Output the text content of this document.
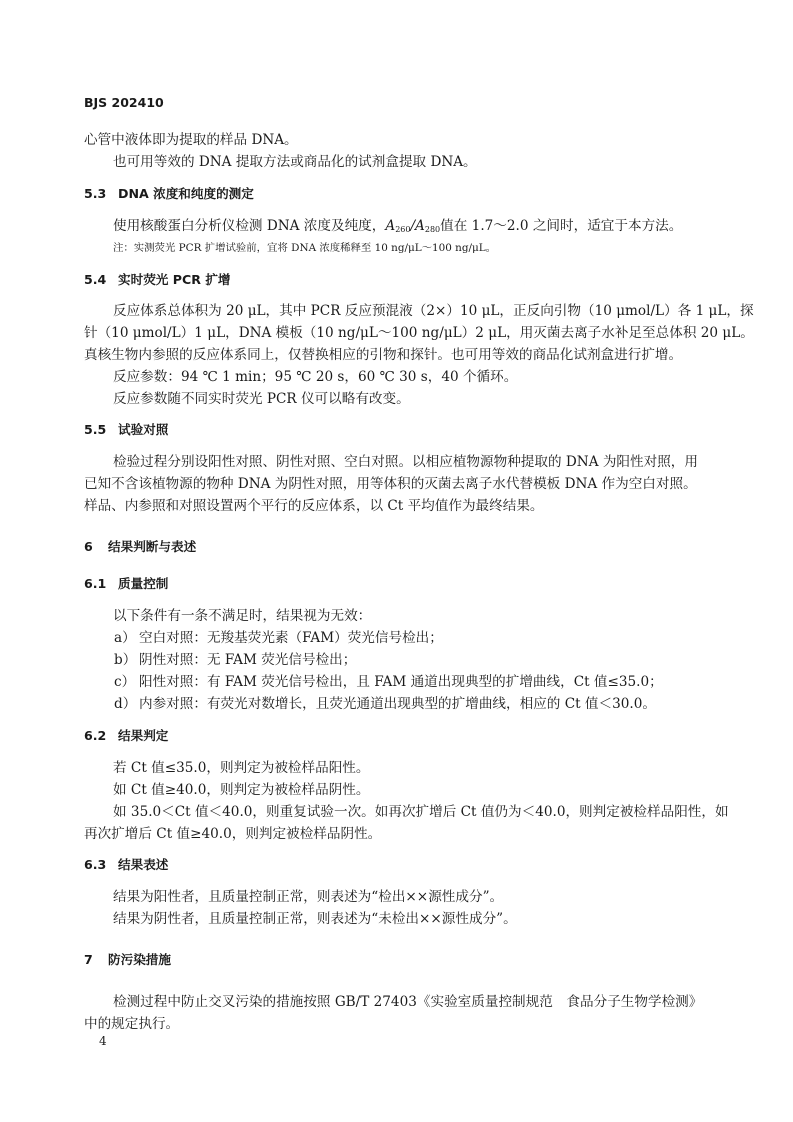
BJS 202410
心管中液体即为提取的样品 DNA。
也可用等效的 DNA 提取方法或商品化的试剂盒提取 DNA。
5.3 DNA 浓度和纯度的测定
使用核酸蛋白分析仪检测 DNA 浓度及纯度，$A_{260}/A_{280}$值在 1.7～2.0 之间时，适宜于本方法。
注：实测荧光 PCR 扩增试验前，宜将 DNA 浓度稀释至 10 ng/μL～100 ng/μL。
5.4 实时荧光 PCR 扩增
反应体系总体积为 20 μL，其中 PCR 反应预混液（2×）10 μL，正反向引物（10 μmol/L）各 1 μL，探
针（10 μmol/L）1 μL，DNA 模板（10 ng/μL～100 ng/μL）2 μL，用灭菌去离子水补足至总体积 20 μL。
真核生物内参照的反应体系同上，仅替换相应的引物和探针。也可用等效的商品化试剂盒进行扩增。
反应参数：94 ℃ 1 min；95 ℃ 20 s，60 ℃ 30 s，40 个循环。
反应参数随不同实时荧光 PCR 仪可以略有改变。
5.5 试验对照
检验过程分别设阳性对照、阴性对照、空白对照。以相应植物源物种提取的 DNA 为阳性对照，用
已知不含该植物源的物种 DNA 为阴性对照，用等体积的灭菌去离子水代替模板 DNA 作为空白对照。
样品、内参照和对照设置两个平行的反应体系，以 Ct 平均值作为最终结果。
6 结果判断与表述
6.1 质量控制
以下条件有一条不满足时，结果视为无效：
a） 空白对照：无羧基荧光素（FAM）荧光信号检出；
b） 阴性对照：无 FAM 荧光信号检出；
c） 阳性对照：有 FAM 荧光信号检出，且 FAM 通道出现典型的扩增曲线，Ct 值≤35.0；
d） 内参对照：有荧光对数增长，且荧光通道出现典型的扩增曲线，相应的 Ct 值＜30.0。
6.2 结果判定
若 Ct 值≤35.0，则判定为被检样品阳性。
如 Ct 值≥40.0，则判定为被检样品阴性。
如 35.0＜Ct 值＜40.0，则重复试验一次。如再次扩增后 Ct 值仍为＜40.0，则判定被检样品阳性，如
再次扩增后 Ct 值≥40.0，则判定被检样品阴性。
6.3 结果表述
结果为阳性者，且质量控制正常，则表述为“检出××源性成分”。
结果为阴性者，且质量控制正常，则表述为“未检出××源性成分”。
7 防污染措施
检测过程中防止交叉污染的措施按照 GB/T 27403《实验室质量控制规范　食品分子生物学检测》
中的规定执行。
4
